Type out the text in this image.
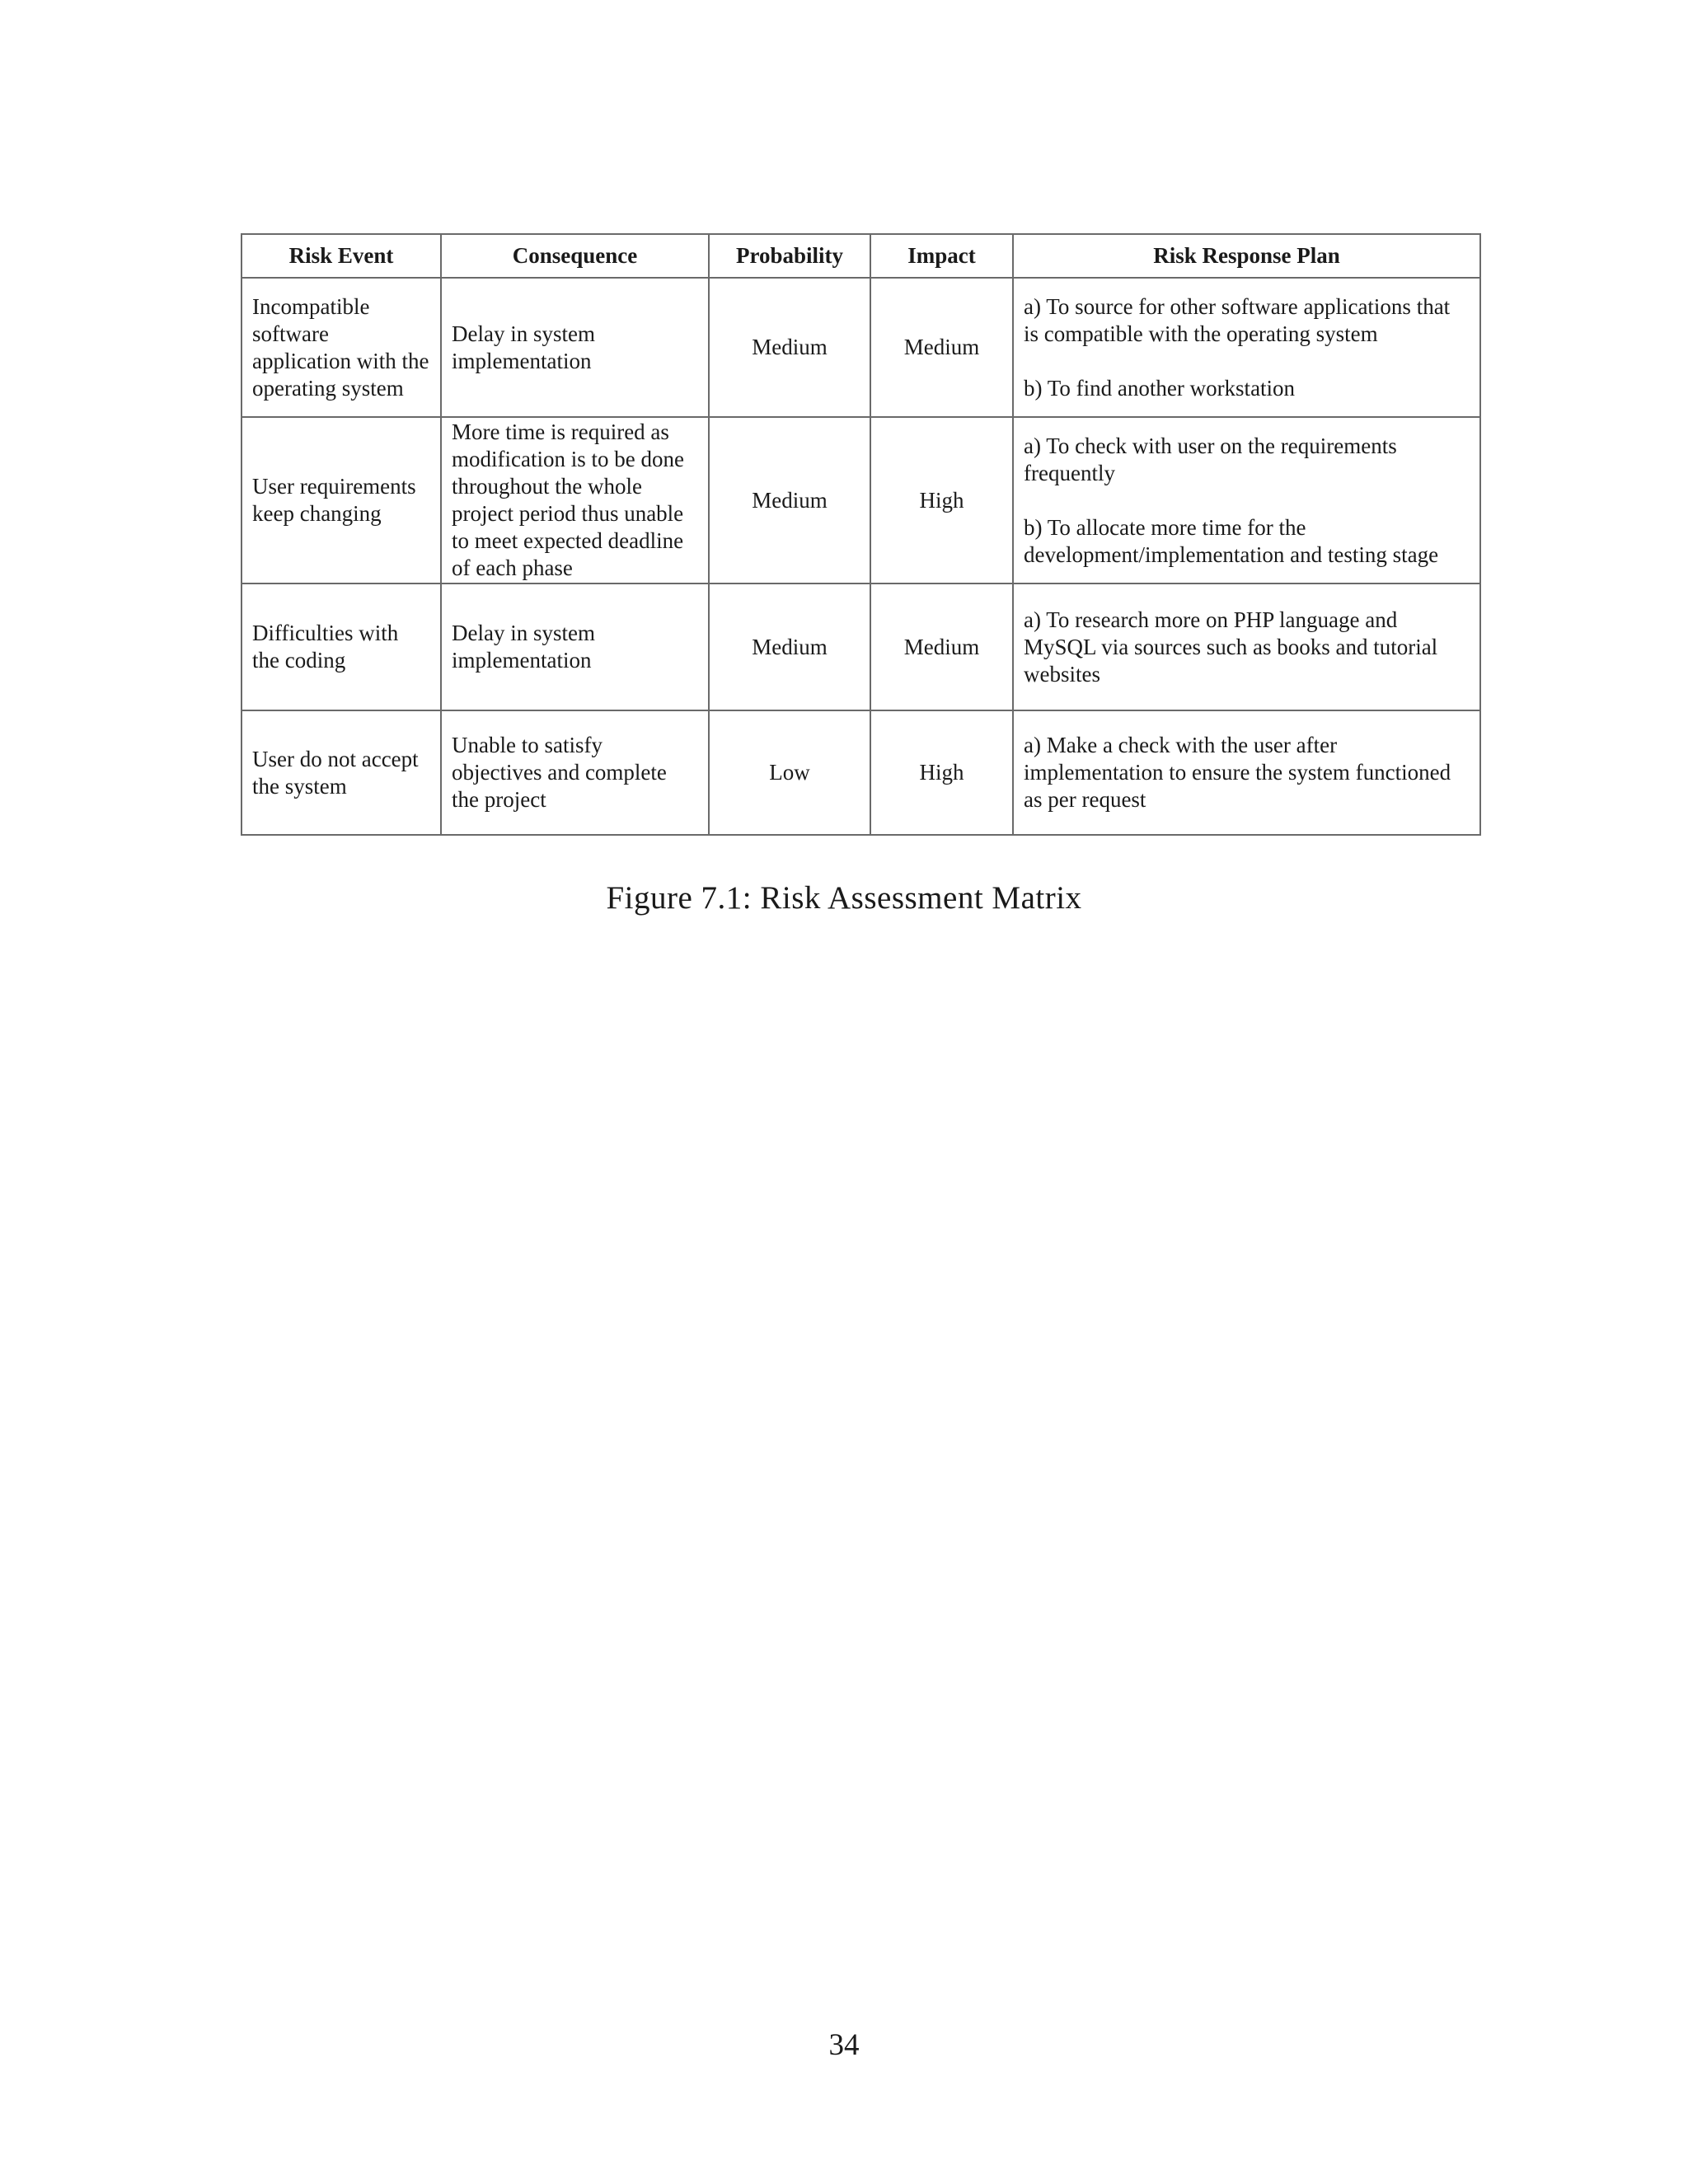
Risk Event	Consequence	Probability	Impact	Risk Response Plan
Incompatible software application with the operating system	Delay in system implementation	Medium	Medium	a) To source for other software applications that is compatible with the operating system
b) To find another workstation

User requirements keep changing	More time is required as modification is to be done throughout the whole project period thus unable to meet expected deadline of each phase	Medium	High	a) To check with user on the requirements frequently
b) To allocate more time for the development/implementation and testing stage

Difficulties with the coding	Delay in system implementation	Medium	Medium	a) To research more on PHP language and MySQL via sources such as books and tutorial websites

User do not accept the system	Unable to satisfy objectives and complete the project	Low	High	a) Make a check with the user after implementation to ensure the system functioned as per request
Figure 7.1: Risk Assessment Matrix
34
